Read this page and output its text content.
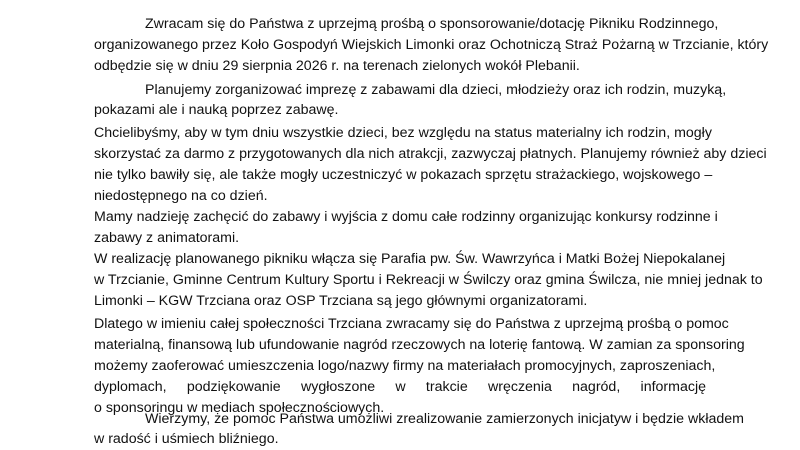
Zwracam się do Państwa z uprzejmą prośbą o sponsorowanie/dotację Pikniku Rodzinnego,
organizowanego przez Koło Gospodyń Wiejskich Limonki oraz Ochotniczą Straż Pożarną w Trzcianie, który
odbędzie się w dniu 29 sierpnia 2026 r. na terenach zielonych wokół Plebanii.
Planujemy zorganizować imprezę z zabawami dla dzieci, młodzieży oraz ich rodzin, muzyką,
pokazami ale i nauką poprzez zabawę.
Chcielibyśmy, aby w tym dniu wszystkie dzieci, bez względu na status materialny ich rodzin, mogły
skorzystać za darmo z przygotowanych dla nich atrakcji, zazwyczaj płatnych. Planujemy również aby dzieci
nie tylko bawiły się, ale także mogły uczestniczyć w pokazach sprzętu strażackiego, wojskowego –
niedostępnego na co dzień.
Mamy nadzieję zachęcić do zabawy i wyjścia z domu całe rodzinny organizując konkursy rodzinne i
zabawy z animatorami.
W realizację planowanego pikniku włącza się Parafia pw. Św. Wawrzyńca i Matki Bożej Niepokalanej
w Trzcianie, Gminne Centrum Kultury Sportu i Rekreacji w Świlczy oraz gmina Świlcza, nie mniej jednak to
Limonki – KGW Trzciana oraz OSP Trzciana są jego głównymi organizatorami.
Dlatego w imieniu całej społeczności Trzciana zwracamy się do Państwa z uprzejmą prośbą o pomoc
materialną, finansową lub ufundowanie nagród rzeczowych na loterię fantową. W zamian za sponsoring
możemy zaoferować umieszczenia logo/nazwy firmy na materiałach promocyjnych, zaproszeniach,
dyplomach, podziękowanie wygłoszone w trakcie wręczenia nagród, informację
o sponsoringu w mediach społecznościowych.
Wierzymy, że pomoc Państwa umożliwi zrealizowanie zamierzonych inicjatyw i będzie wkładem
w radość i uśmiech bliźniego.
